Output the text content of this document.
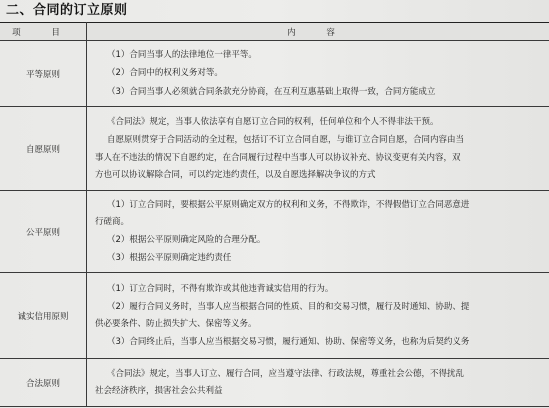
二、合同的订立原则
项 目	内 容
平等原则	（1）合同当事人的法律地位一律平等。

（2）合同中的权利义务对等。

（3）合同当事人必须就合同条款充分协商，在互利互惠基础上取得一致，合同方能成立

自愿原则	《合同法》规定，当事人依法享有自愿订立合同的权利，任何单位和个人不得非法干预。

自愿原则贯穿于合同活动的全过程，包括订不订立合同自愿，与谁订立合同自愿，合同内容由当

事人在不违法的情况下自愿约定，在合同履行过程中当事人可以协议补充、协议变更有关内容，双

方也可以协议解除合同，可以约定违约责任，以及自愿选择解决争议的方式

公平原则	（1）订立合同时，要根据公平原则确定双方的权利和义务，不得欺诈，不得假借订立合同恶意进

行磋商。

（2）根据公平原则确定风险的合理分配。

（3）根据公平原则确定违约责任

诚实信用原则	（1）订立合同时，不得有欺诈或其他违背诚实信用的行为。

（2）履行合同义务时，当事人应当根据合同的性质、目的和交易习惯，履行及时通知、协助、提

供必要条件、防止损失扩大、保密等义务。

（3）合同终止后，当事人应当根据交易习惯，履行通知、协助、保密等义务，也称为后契约义务

合法原则	《合同法》规定，当事人订立、履行合同，应当遵守法律、行政法规，尊重社会公德，不得扰乱

社会经济秩序，损害社会公共利益
